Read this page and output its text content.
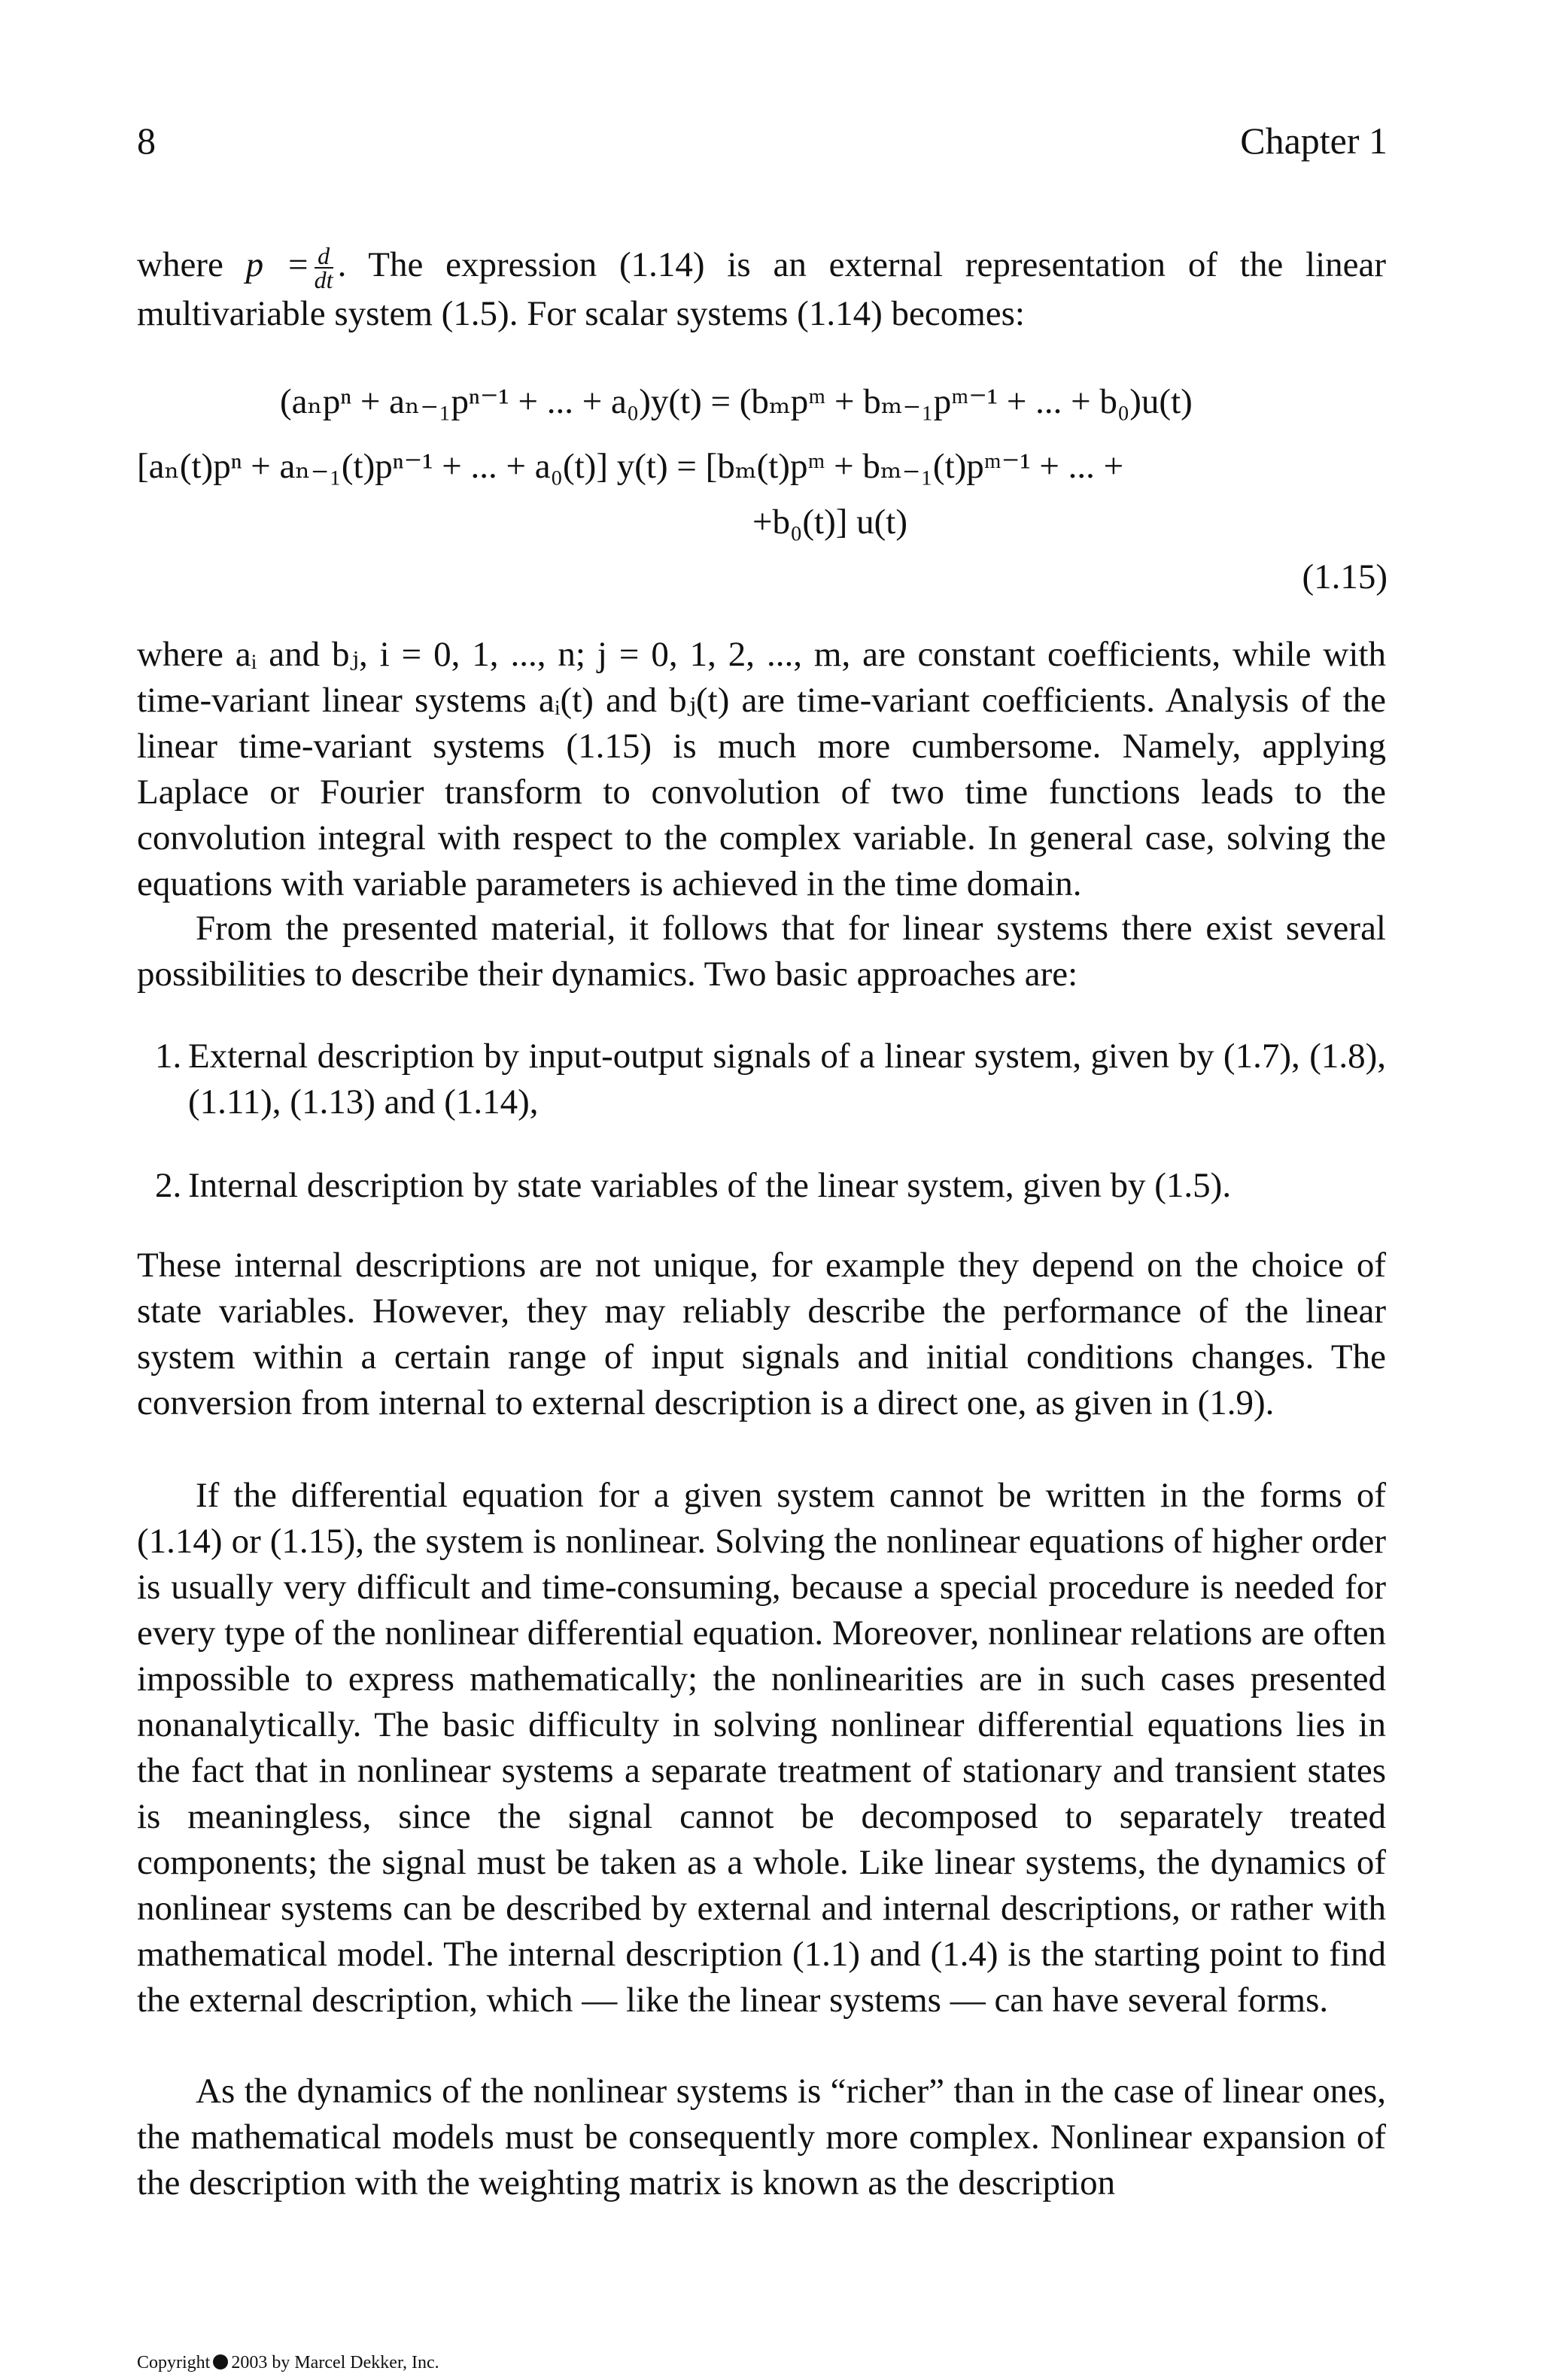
8	Chapter 1

where $p = \frac{d}{dt}$ . The expression (1.14) is an external representation of the linear multivariable system (1.5). For scalar systems (1.14) becomes:

(aₙpⁿ + aₙ₋₁pⁿ⁻¹ + ... + a₀)y(t) = (bₘpᵐ + bₘ₋₁pᵐ⁻¹ + ... + b₀)u(t)
[aₙ(t)pⁿ + aₙ₋₁(t)pⁿ⁻¹ + ... + a₀(t)] y(t) = [bₘ(t)pᵐ + bₘ₋₁(t)pᵐ⁻¹ + ... +
+b₀(t)] u(t)
(1.15)

where aᵢ and bⱼ, i = 0, 1, ..., n; j = 0, 1, 2, ..., m, are constant coefficients, while with time-variant linear systems aᵢ(t) and bⱼ(t) are time-variant coefficients. Analysis of the linear time-variant systems (1.15) is much more cumbersome. Namely, applying Laplace or Fourier transform to convolution of two time functions leads to the convolution integral with respect to the complex variable. In general case, solving the equations with variable parameters is achieved in the time domain.

From the presented material, it follows that for linear systems there exist several possibilities to describe their dynamics. Two basic approaches are:

1. External description by input-output signals of a linear system, given by (1.7), (1.8), (1.11), (1.13) and (1.14),
2. Internal description by state variables of the linear system, given by (1.5).

These internal descriptions are not unique, for example they depend on the choice of state variables. However, they may reliably describe the performance of the linear system within a certain range of input signals and initial conditions changes. The conversion from internal to external description is a direct one, as given in (1.9).

If the differential equation for a given system cannot be written in the forms of (1.14) or (1.15), the system is nonlinear. Solving the nonlinear equations of higher order is usually very difficult and time-consuming, because a special procedure is needed for every type of the nonlinear differential equation. Moreover, nonlinear relations are often impossible to express mathematically; the nonlinearities are in such cases presented nonanalytically. The basic difficulty in solving nonlinear differential equations lies in the fact that in nonlinear systems a separate treatment of stationary and transient states is meaningless, since the signal cannot be decomposed to separately treated components; the signal must be taken as a whole. Like linear systems, the dynamics of nonlinear systems can be described by external and internal descriptions, or rather with mathematical model. The internal description (1.1) and (1.4) is the starting point to find the external description, which — like the linear systems — can have several forms.

As the dynamics of the nonlinear systems is “richer” than in the case of linear ones, the mathematical models must be consequently more complex. Nonlinear expansion of the description with the weighting matrix is known as the description

Copyright 2003 by Marcel Dekker, Inc.
